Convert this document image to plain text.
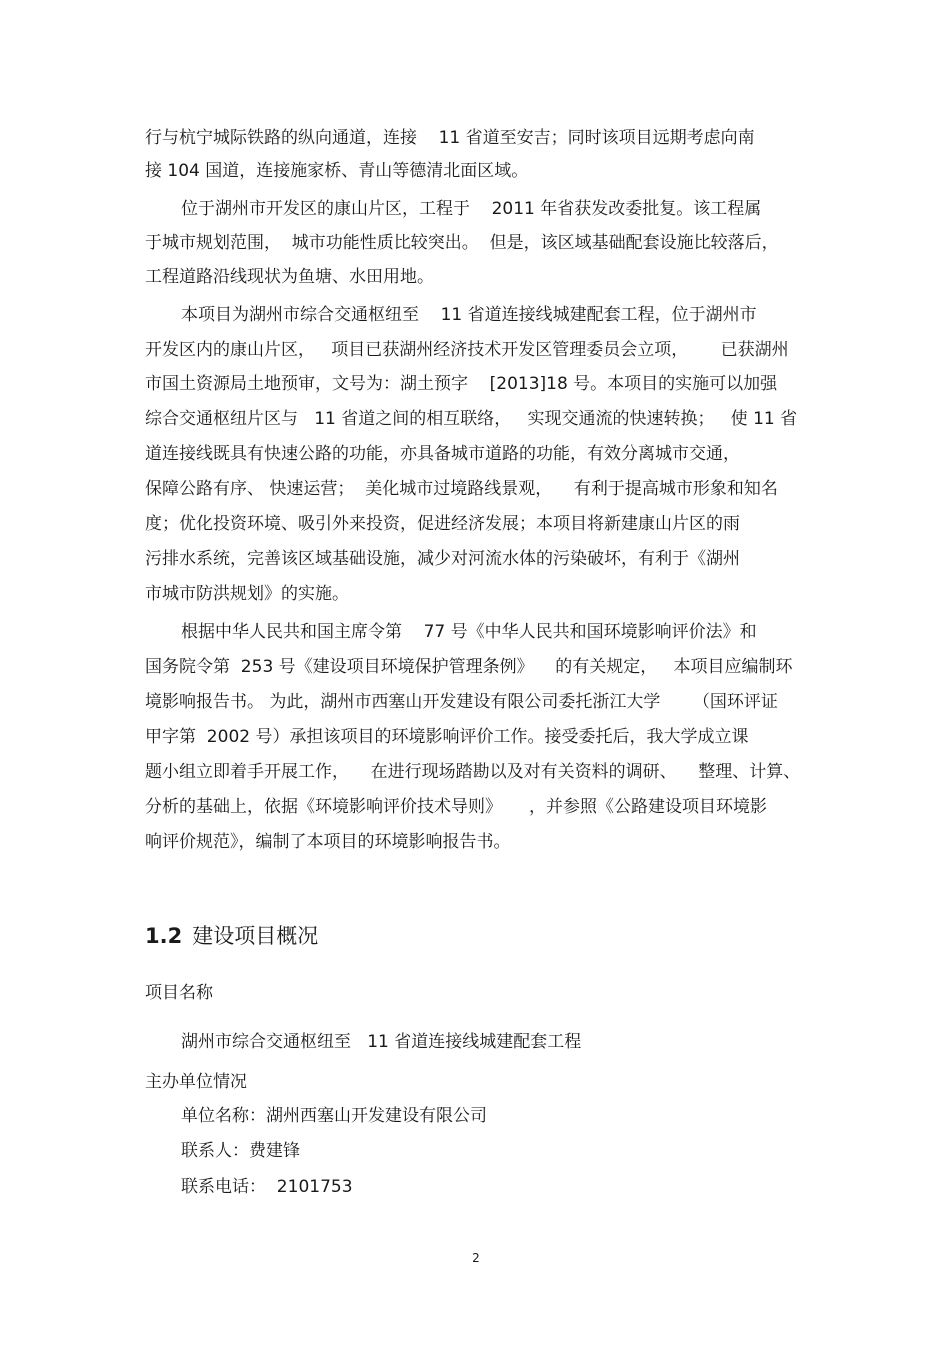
行与杭宁城际铁路的纵向通道，连接    11 省道至安吉；同时该项目远期考虑向南
接 104 国道，连接施家桥、青山等德清北面区域。
位于湖州市开发区的康山片区，工程于    2011 年省获发改委批复。该工程属
于城市规划范围，  城市功能性质比较突出。  但是，该区域基础配套设施比较落后，
工程道路沿线现状为鱼塘、水田用地。
本项目为湖州市综合交通枢纽至    11 省道连接线城建配套工程，位于湖州市
开发区内的康山片区，   项目已获湖州经济技术开发区管理委员会立项，      已获湖州
市国土资源局土地预审，文号为：湖土预字    [2013]18 号。本项目的实施可以加强
综合交通枢纽片区与   11 省道之间的相互联络，   实现交通流的快速转换；   使 11 省
道连接线既具有快速公路的功能，亦具备城市道路的功能，有效分离城市交通，
保障公路有序、 快速运营；  美化城市过境路线景观，    有利于提高城市形象和知名
度；优化投资环境、吸引外来投资，促进经济发展；本项目将新建康山片区的雨
污排水系统，完善该区域基础设施，减少对河流水体的污染破坏，有利于《湖州
市城市防洪规划》的实施。
根据中华人民共和国主席令第    77 号《中华人民共和国环境影响评价法》和
国务院令第  253 号《建设项目环境保护管理条例》    的有关规定，   本项目应编制环
境影响报告书。 为此，湖州市西塞山开发建设有限公司委托浙江大学      （国环评证
甲字第  2002 号）承担该项目的环境影响评价工作。接受委托后，我大学成立课
题小组立即着手开展工作，    在进行现场踏勘以及对有关资料的调研、    整理、计算、
分析的基础上，依据《环境影响评价技术导则》     ，并参照《公路建设项目环境影
响评价规范》，编制了本项目的环境影响报告书。
1.2 建设项目概况
项目名称
湖州市综合交通枢纽至   11 省道连接线城建配套工程
主办单位情况
单位名称：湖州西塞山开发建设有限公司
联系人：费建锋
联系电话：  2101753
2
